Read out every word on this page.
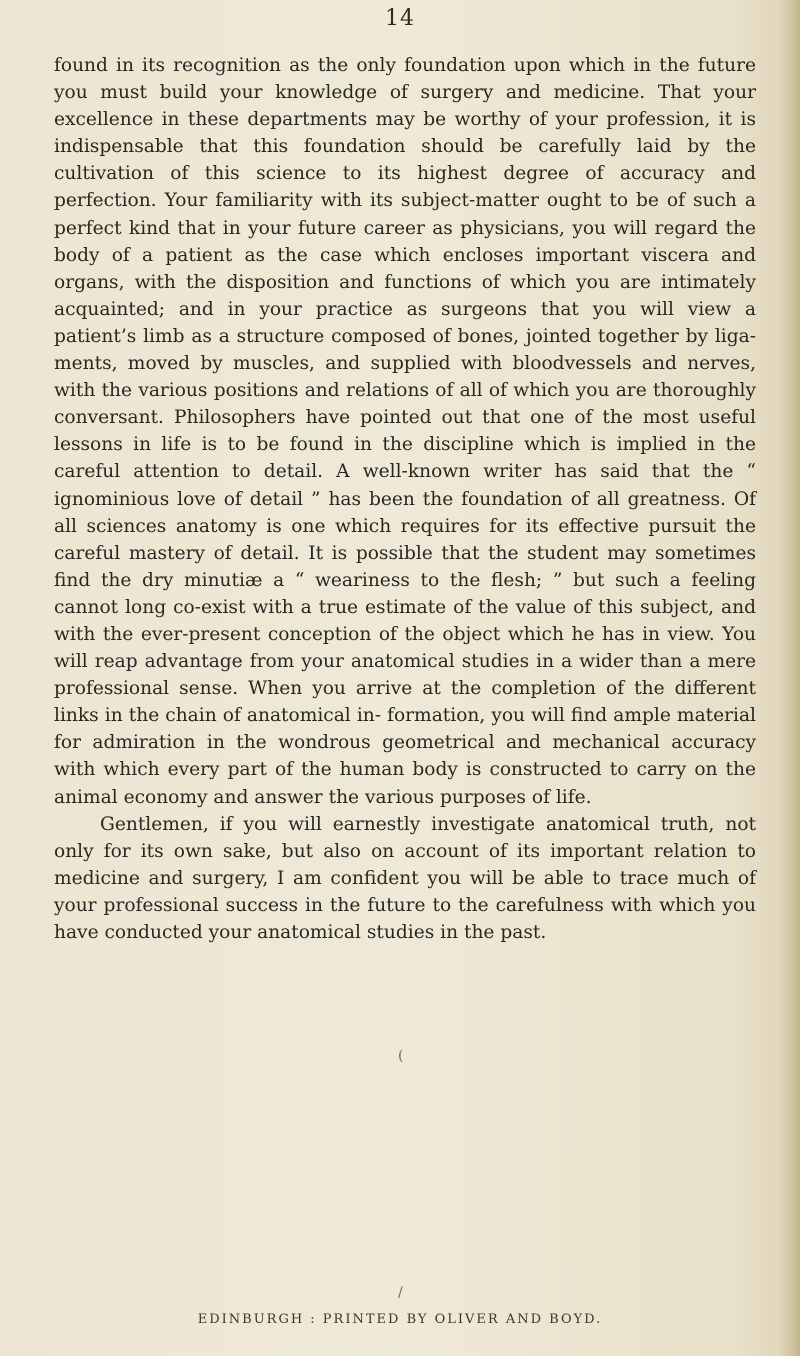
14

found in its recognition as the only foundation upon which in the future you must build your knowledge of surgery and medicine. That your excellence in these departments may be worthy of your profession, it is indispensable that this foundation should be carefully laid by the cultivation of this science to its highest degree of accuracy and perfection. Your familiarity with its subject-matter ought to be of such a perfect kind that in your future career as physicians, you will regard the body of a patient as the case which encloses important viscera and organs, with the disposition and functions of which you are intimately acquainted; and in your practice as surgeons that you will view a patient’s limb as a structure composed of bones, jointed together by liga- ments, moved by muscles, and supplied with bloodvessels and nerves, with the various positions and relations of all of which you are thoroughly conversant. Philosophers have pointed out that one of the most useful lessons in life is to be found in the discipline which is implied in the careful attention to detail. A well-known writer has said that the “ ignominious love of detail ” has been the foundation of all greatness. Of all sciences anatomy is one which requires for its effective pursuit the careful mastery of detail. It is possible that the student may sometimes find the dry minutiæ a “ weariness to the flesh; ” but such a feeling cannot long co-exist with a true estimate of the value of this subject, and with the ever-present conception of the object which he has in view. You will reap advantage from your anatomical studies in a wider than a mere professional sense. When you arrive at the completion of the different links in the chain of anatomical in- formation, you will find ample material for admiration in the wondrous geometrical and mechanical accuracy with which every part of the human body is constructed to carry on the animal economy and answer the various purposes of life.

Gentlemen, if you will earnestly investigate anatomical truth, not only for its own sake, but also on account of its important relation to medicine and surgery, I am confident you will be able to trace much of your professional success in the future to the carefulness with which you have conducted your anatomical studies in the past.

(
/
EDINBURGH : PRINTED BY OLIVER AND BOYD.
